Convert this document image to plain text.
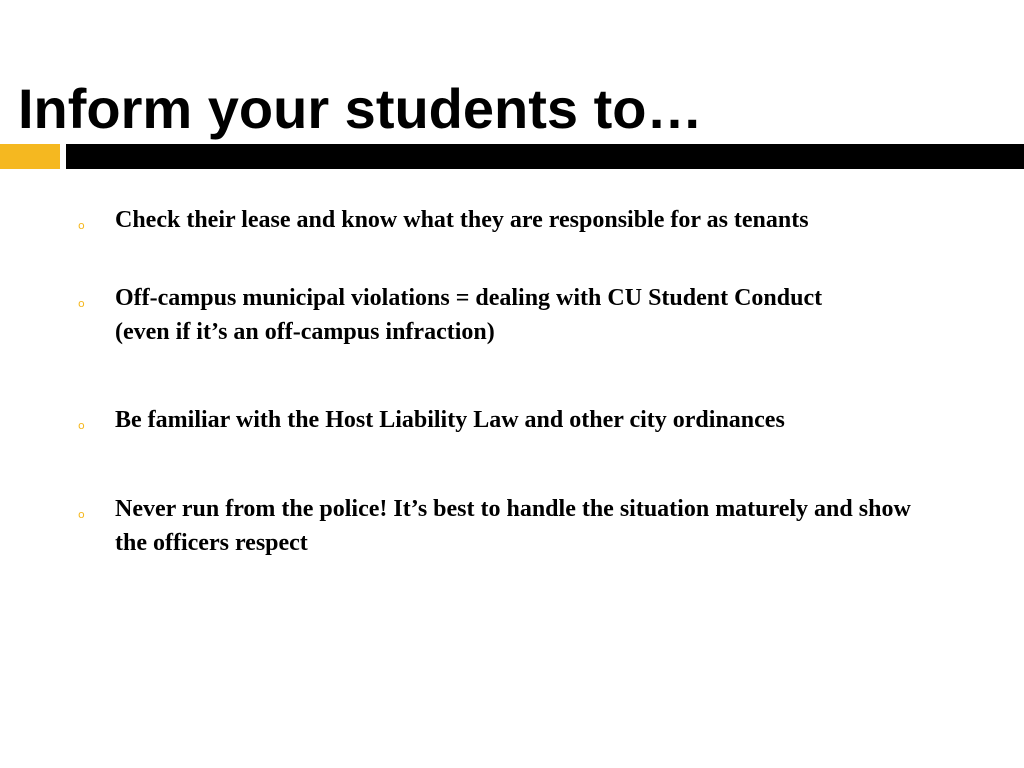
Inform your students to…
o Check their lease and know what they are responsible for as tenants
o Off-campus municipal violations = dealing with CU Student Conduct (even if it’s an off-campus infraction)
o Be familiar with the Host Liability Law and other city ordinances
o Never run from the police! It’s best to handle the situation maturely and show the officers respect
